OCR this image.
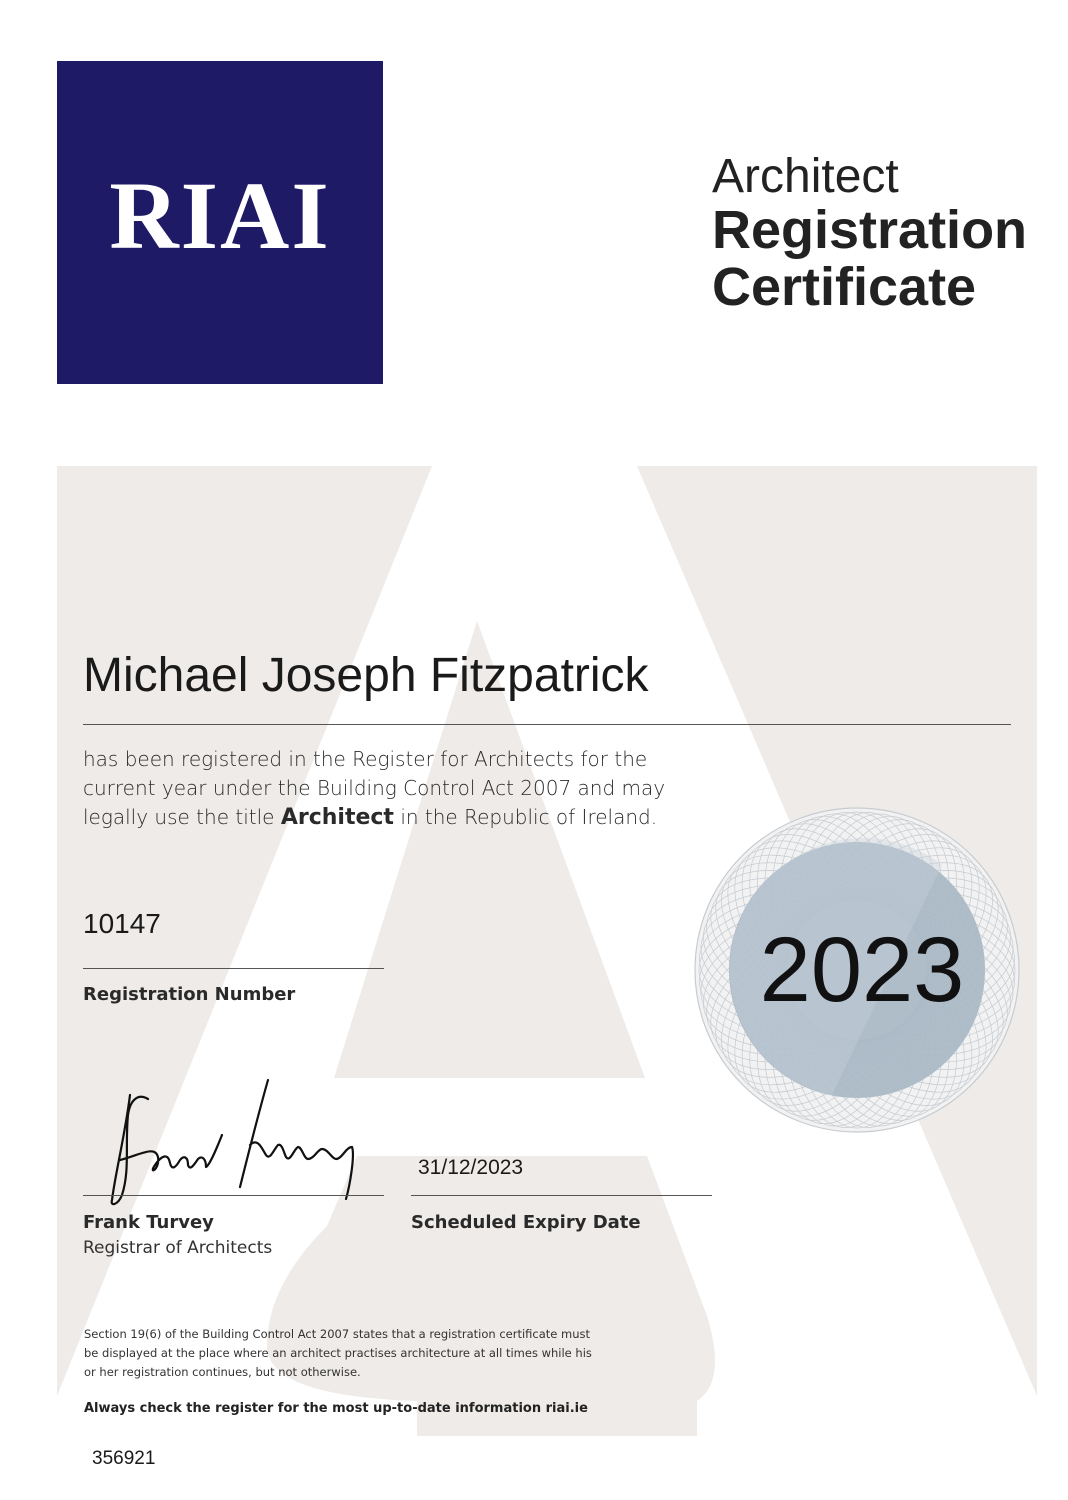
RIAI	Architect
Registration
Certificate
Michael Joseph Fitzpatrick
has been registered in the Register for Architects for the current year under the Building Control Act 2007 and may legally use the title Architect in the Republic of Ireland.
10147
Registration Number	2023
Frank Turvey
Registrar of Architects
31/12/2023
Scheduled Expiry Date
Section 19(6) of the Building Control Act 2007 states that a registration certificate must be displayed at the place where an architect practises architecture at all times while his or her registration continues, but not otherwise.
Always check the register for the most up-to-date information riai.ie
356921
